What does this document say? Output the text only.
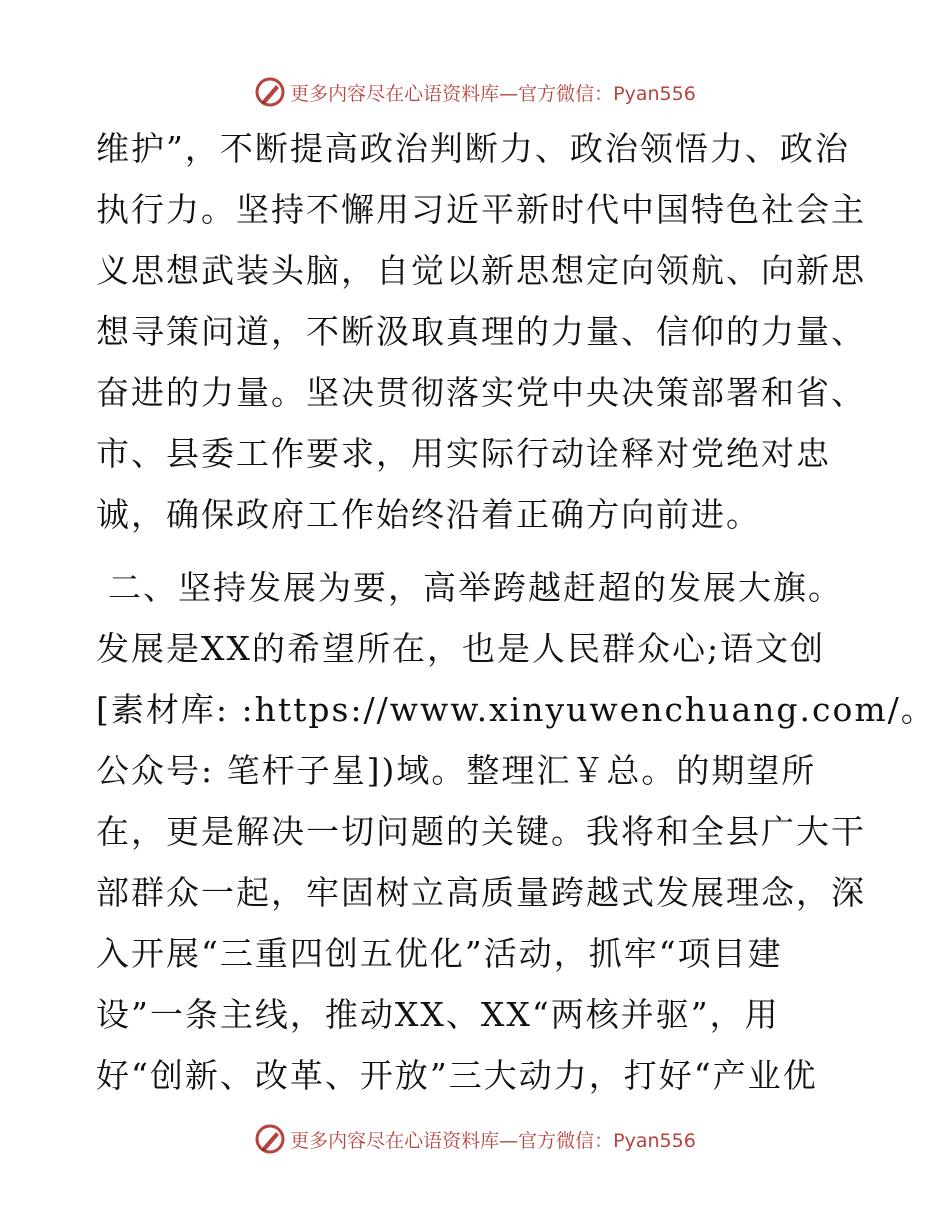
更多内容尽在心语资料库—官方微信：Pyan556
维护”，不断提高政治判断力、政治领悟力、政治
执行力。坚持不懈用习近平新时代中国特色社会主
义思想武装头脑，自觉以新思想定向领航、向新思
想寻策问道，不断汲取真理的力量、信仰的力量、
奋进的力量。坚决贯彻落实党中央决策部署和省、
市、县委工作要求，用实际行动诠释对党绝对忠
诚，确保政府工作始终沿着正确方向前进。
二、坚持发展为要，高举跨越赶超的发展大旗。
发展是XX的希望所在，也是人民群众心;语文创
[素材库: :https://www.xinyuwenchuang.com/。
公众号: 笔杆子星])域。整理汇￥总。的期望所
在，更是解决一切问题的关键。我将和全县广大干
部群众一起，牢固树立高质量跨越式发展理念，深
入开展“三重四创五优化”活动，抓牢“项目建
设”一条主线，推动XX、XX“两核并驱”，用
好“创新、改革、开放”三大动力，打好“产业优
更多内容尽在心语资料库—官方微信：Pyan556
